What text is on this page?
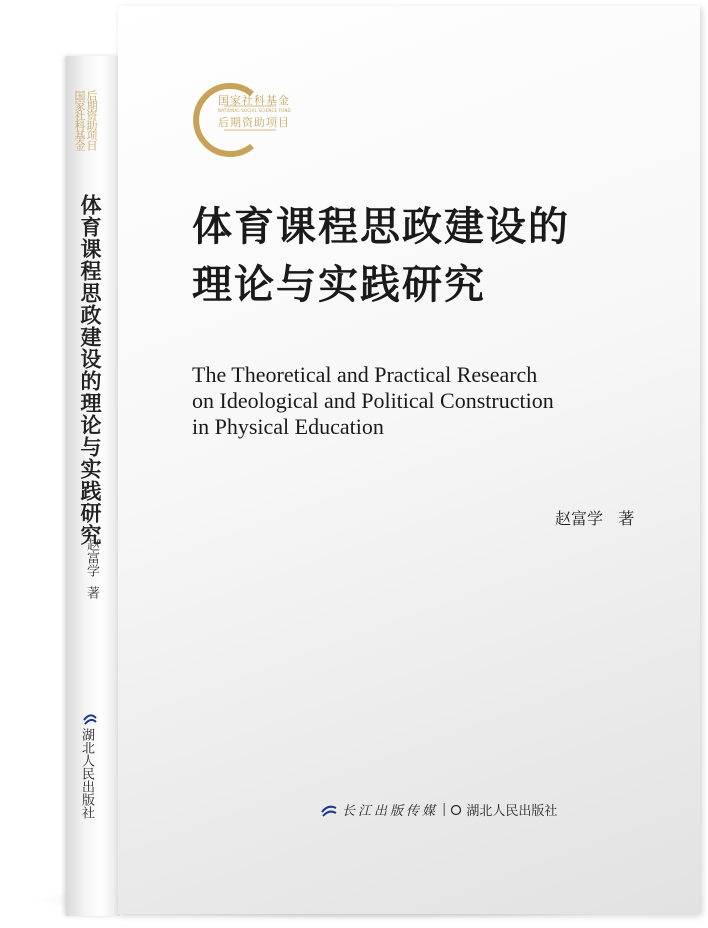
国家社科基金 后期资助项目
体育课程思政建设的理论与实践研究
赵富学
著
湖北人民出版社
国家社科基金
NATIONAL SOCIAL SCIENCE FUND
后期资助项目
体育课程思政建设的
理论与实践研究
The Theoretical and Practical Research
on Ideological and Political Construction
in Physical Education
赵富学   著
长江出版传媒 | 湖北人民出版社
